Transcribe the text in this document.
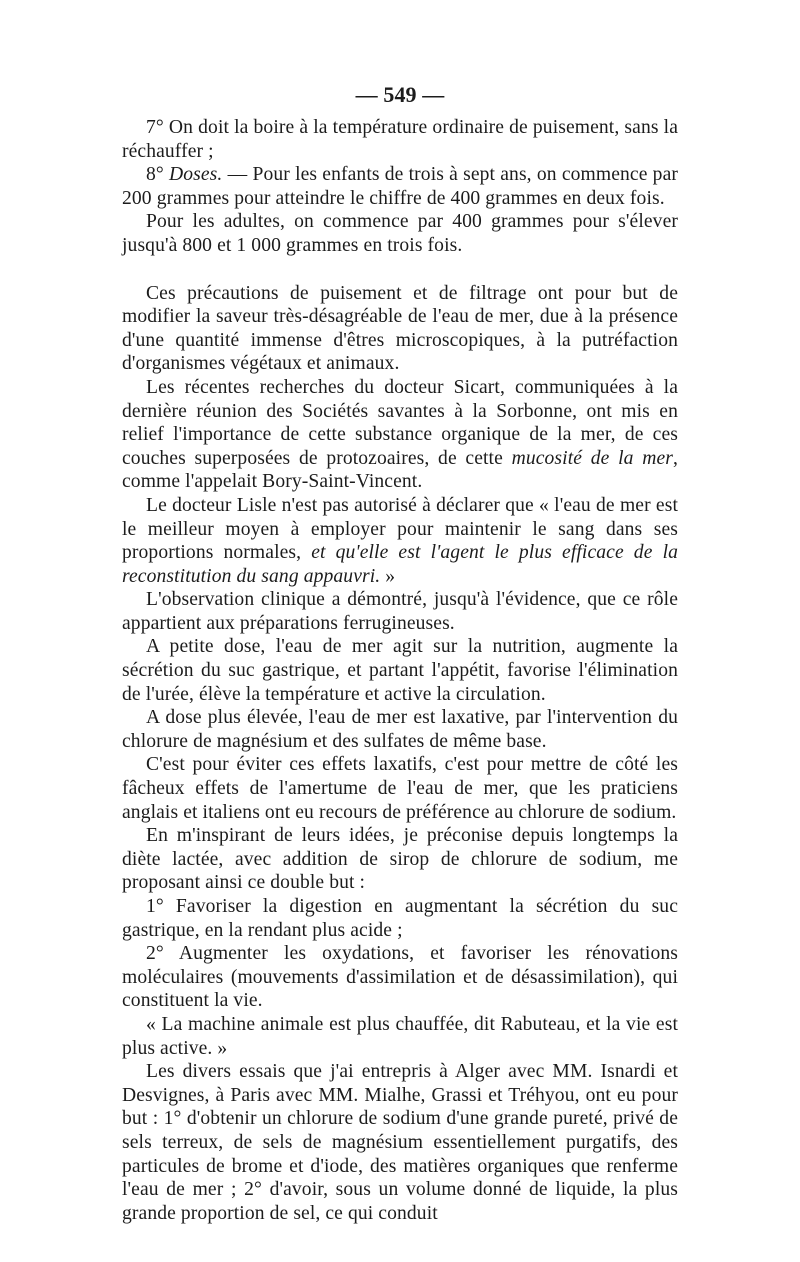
— 549 —

7° On doit la boire à la température ordinaire de puisement, sans la réchauffer ;

8° Doses. — Pour les enfants de trois à sept ans, on commence par 200 grammes pour atteindre le chiffre de 400 grammes en deux fois.

Pour les adultes, on commence par 400 grammes pour s'élever jusqu'à 800 et 1 000 grammes en trois fois.

Ces précautions de puisement et de filtrage ont pour but de modifier la saveur très-désagréable de l'eau de mer, due à la présence d'une quantité immense d'êtres microscopiques, à la putréfaction d'organismes végétaux et animaux.

Les récentes recherches du docteur Sicart, communiquées à la dernière réunion des Sociétés savantes à la Sorbonne, ont mis en relief l'importance de cette substance organique de la mer, de ces couches superposées de protozoaires, de cette mucosité de la mer, comme l'appelait Bory-Saint-Vincent.

Le docteur Lisle n'est pas autorisé à déclarer que « l'eau de mer est le meilleur moyen à employer pour maintenir le sang dans ses proportions normales, et qu'elle est l'agent le plus efficace de la reconstitution du sang appauvri. »

L'observation clinique a démontré, jusqu'à l'évidence, que ce rôle appartient aux préparations ferrugineuses.

A petite dose, l'eau de mer agit sur la nutrition, augmente la sécrétion du suc gastrique, et partant l'appétit, favorise l'élimination de l'urée, élève la température et active la circulation.

A dose plus élevée, l'eau de mer est laxative, par l'intervention du chlorure de magnésium et des sulfates de même base.

C'est pour éviter ces effets laxatifs, c'est pour mettre de côté les fâcheux effets de l'amertume de l'eau de mer, que les praticiens anglais et italiens ont eu recours de préférence au chlorure de sodium.

En m'inspirant de leurs idées, je préconise depuis longtemps la diète lactée, avec addition de sirop de chlorure de sodium, me proposant ainsi ce double but :

1° Favoriser la digestion en augmentant la sécrétion du suc gastrique, en la rendant plus acide ;

2° Augmenter les oxydations, et favoriser les rénovations moléculaires (mouvements d'assimilation et de désassimilation), qui constituent la vie.

« La machine animale est plus chauffée, dit Rabuteau, et la vie est plus active. »

Les divers essais que j'ai entrepris à Alger avec MM. Isnardi et Desvignes, à Paris avec MM. Mialhe, Grassi et Tréhyou, ont eu pour but : 1° d'obtenir un chlorure de sodium d'une grande pureté, privé de sels terreux, de sels de magnésium essentiellement purgatifs, des particules de brome et d'iode, des matières organiques que renferme l'eau de mer ; 2° d'avoir, sous un volume donné de liquide, la plus grande proportion de sel, ce qui conduit
